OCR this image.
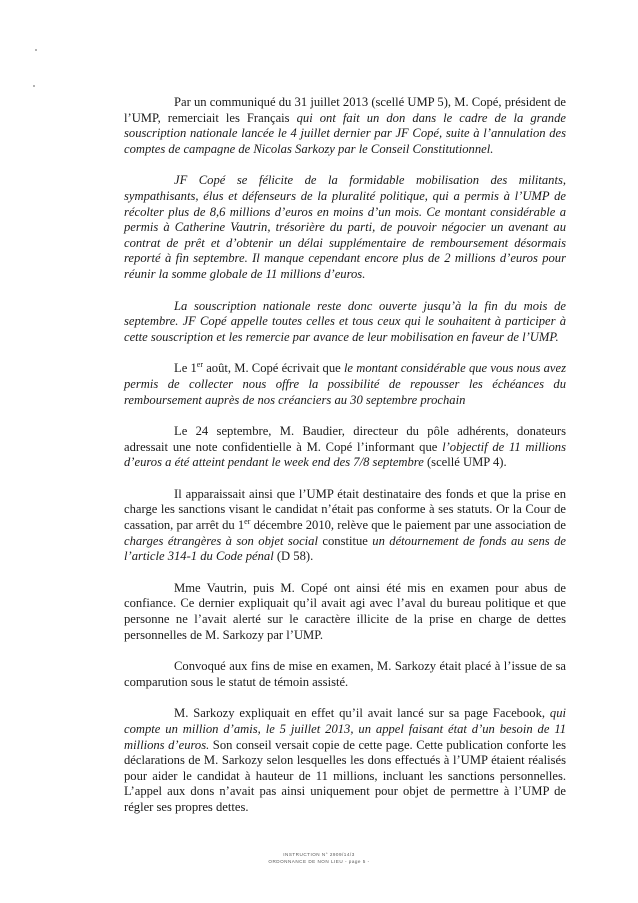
Par un communiqué du 31 juillet 2013 (scellé UMP 5), M. Copé, président de l’UMP, remerciait les Français qui ont fait un don dans le cadre de la grande souscription nationale lancée le 4 juillet dernier par JF Copé, suite à l’annulation des comptes de campagne de Nicolas Sarkozy par le Conseil Constitutionnel.

JF Copé se félicite de la formidable mobilisation des militants, sympathisants, élus et défenseurs de la pluralité politique, qui a permis à l’UMP de récolter plus de 8,6 millions d’euros en moins d’un mois. Ce montant considérable a permis à Catherine Vautrin, trésorière du parti, de pouvoir négocier un avenant au contrat de prêt et d’obtenir un délai supplémentaire de remboursement désormais reporté à fin septembre. Il manque cependant encore plus de 2 millions d’euros pour réunir la somme globale de 11 millions d’euros.

La souscription nationale reste donc ouverte jusqu’à la fin du mois de septembre. JF Copé appelle toutes celles et tous ceux qui le souhaitent à participer à cette souscription et les remercie par avance de leur mobilisation en faveur de l’UMP.

Le 1er août, M. Copé écrivait que le montant considérable que vous nous avez permis de collecter nous offre la possibilité de repousser les échéances du remboursement auprès de nos créanciers au 30 septembre prochain

Le 24 septembre, M. Baudier, directeur du pôle adhérents, donateurs adressait une note confidentielle à M. Copé l’informant que l’objectif de 11 millions d’euros a été atteint pendant le week end des 7/8 septembre (scellé UMP 4).

Il apparaissait ainsi que l’UMP était destinataire des fonds et que la prise en charge les sanctions visant le candidat n’était pas conforme à ses statuts. Or la Cour de cassation, par arrêt du 1er décembre 2010, relève que le paiement par une association de charges étrangères à son objet social constitue un détournement de fonds au sens de l’article 314-1 du Code pénal (D 58).

Mme Vautrin, puis M. Copé ont ainsi été mis en examen pour abus de confiance. Ce dernier expliquait qu’il avait agi avec l’aval du bureau politique et que personne ne l’avait alerté sur le caractère illicite de la prise en charge de dettes personnelles de M. Sarkozy par l’UMP.

Convoqué aux fins de mise en examen, M. Sarkozy était placé à l’issue de sa comparution sous le statut de témoin assisté.

M. Sarkozy expliquait en effet qu’il avait lancé sur sa page Facebook, qui compte un million d’amis, le 5 juillet 2013, un appel faisant état d’un besoin de 11 millions d’euros. Son conseil versait copie de cette page. Cette publication conforte les déclarations de M. Sarkozy selon lesquelles les dons effectués à l’UMP étaient réalisés pour aider le candidat à hauteur de 11 millions, incluant les sanctions personnelles. L’appel aux dons n’avait pas ainsi uniquement pour objet de permettre à l’UMP de régler ses propres dettes.

INSTRUCTION N° 2909/14/3
ORDONNANCE DE NON LIEU - page 5 -
